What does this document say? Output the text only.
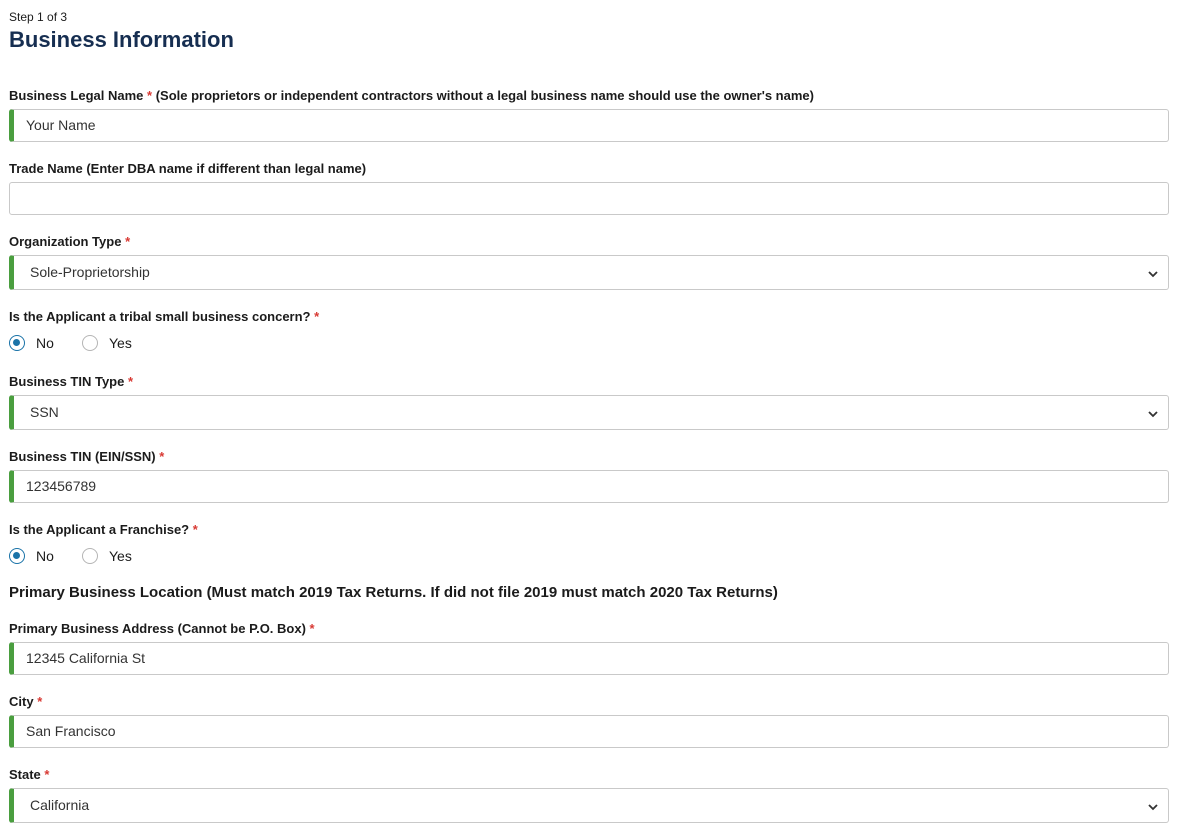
Step 1 of 3
Business Information
Business Legal Name * (Sole proprietors or independent contractors without a legal business name should use the owner's name)
Your Name
Trade Name (Enter DBA name if different than legal name)
Organization Type *
Sole-Proprietorship
Is the Applicant a tribal small business concern? *
No	Yes
Business TIN Type *
SSN
Business TIN (EIN/SSN) *
123456789
Is the Applicant a Franchise? *
No	Yes
Primary Business Location (Must match 2019 Tax Returns. If did not file 2019 must match 2020 Tax Returns)
Primary Business Address (Cannot be P.O. Box) *
12345 California St
City *
San Francisco
State *
California
